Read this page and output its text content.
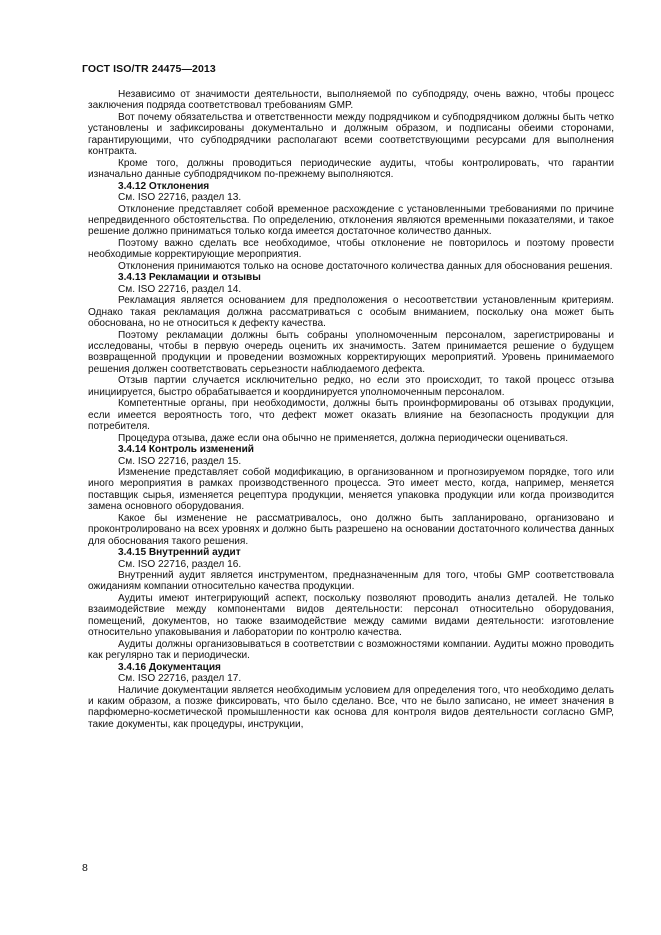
ГОСТ ISO/TR 24475—2013

Независимо от значимости деятельности, выполняемой по субподряду, очень важно, чтобы процесс заключения подряда соответствовал требованиям GMP.

Вот почему обязательства и ответственности между подрядчиком и субподрядчиком должны быть четко установлены и зафиксированы документально и должным образом, и подписаны обеими сторонами, гарантирующими, что субподрядчики располагают всеми соответствующими ресурсами для выполнения контракта.

Кроме того, должны проводиться периодические аудиты, чтобы контролировать, что гарантии изначально данные субподрядчиком по-прежнему выполняются.

3.4.12 Отклонения

См. ISO 22716, раздел 13.

Отклонение представляет собой временное расхождение с установленными требованиями по причине непредвиденного обстоятельства. По определению, отклонения являются временными показателями, и такое решение должно приниматься только когда имеется достаточное количество данных.

Поэтому важно сделать все необходимое, чтобы отклонение не повторилось и поэтому провести необходимые корректирующие мероприятия.

Отклонения принимаются только на основе достаточного количества данных для обоснования решения.

3.4.13 Рекламации и отзывы

См. ISO 22716, раздел 14.

Рекламация является основанием для предположения о несоответствии установленным критериям. Однако такая рекламация должна рассматриваться с особым вниманием, поскольку она может быть обоснована, но не относиться к дефекту качества.

Поэтому рекламации должны быть собраны уполномоченным персоналом, зарегистрированы и исследованы, чтобы в первую очередь оценить их значимость. Затем принимается решение о будущем возвращенной продукции и проведении возможных корректирующих мероприятий. Уровень принимаемого решения должен соответствовать серьезности наблюдаемого дефекта.

Отзыв партии случается исключительно редко, но если это происходит, то такой процесс отзыва инициируется, быстро обрабатывается и координируется уполномоченным персоналом.

Компетентные органы, при необходимости, должны быть проинформированы об отзывах продукции, если имеется вероятность того, что дефект может оказать влияние на безопасность продукции для потребителя.

Процедура отзыва, даже если она обычно не применяется, должна периодически оцениваться.

3.4.14 Контроль изменений

См. ISO 22716, раздел 15.

Изменение представляет собой модификацию, в организованном и прогнозируемом порядке, того или иного мероприятия в рамках производственного процесса. Это имеет место, когда, например, меняется поставщик сырья, изменяется рецептура продукции, меняется упаковка продукции или когда производится замена основного оборудования.

Какое бы изменение не рассматривалось, оно должно быть запланировано, организовано и проконтролировано на всех уровнях и должно быть разрешено на основании достаточного количества данных для обоснования такого решения.

3.4.15 Внутренний аудит

См. ISO 22716, раздел 16.

Внутренний аудит является инструментом, предназначенным для того, чтобы GMP соответствовала ожиданиям компании относительно качества продукции.

Аудиты имеют интегрирующий аспект, поскольку позволяют проводить анализ деталей. Не только взаимодействие между компонентами видов деятельности: персонал относительно оборудования, помещений, документов, но также взаимодействие между самими видами деятельности: изготовление относительно упаковывания и лаборатории по контролю качества.

Аудиты должны организовываться в соответствии с возможностями компании. Аудиты можно проводить как регулярно так и периодически.

3.4.16 Документация

См. ISO 22716, раздел 17.

Наличие документации является необходимым условием для определения того, что необходимо делать и каким образом, а позже фиксировать, что было сделано. Все, что не было записано, не имеет значения в парфюмерно-косметической промышленности как основа для контроля видов деятельности согласно GMP, такие документы, как процедуры, инструкции,

8
